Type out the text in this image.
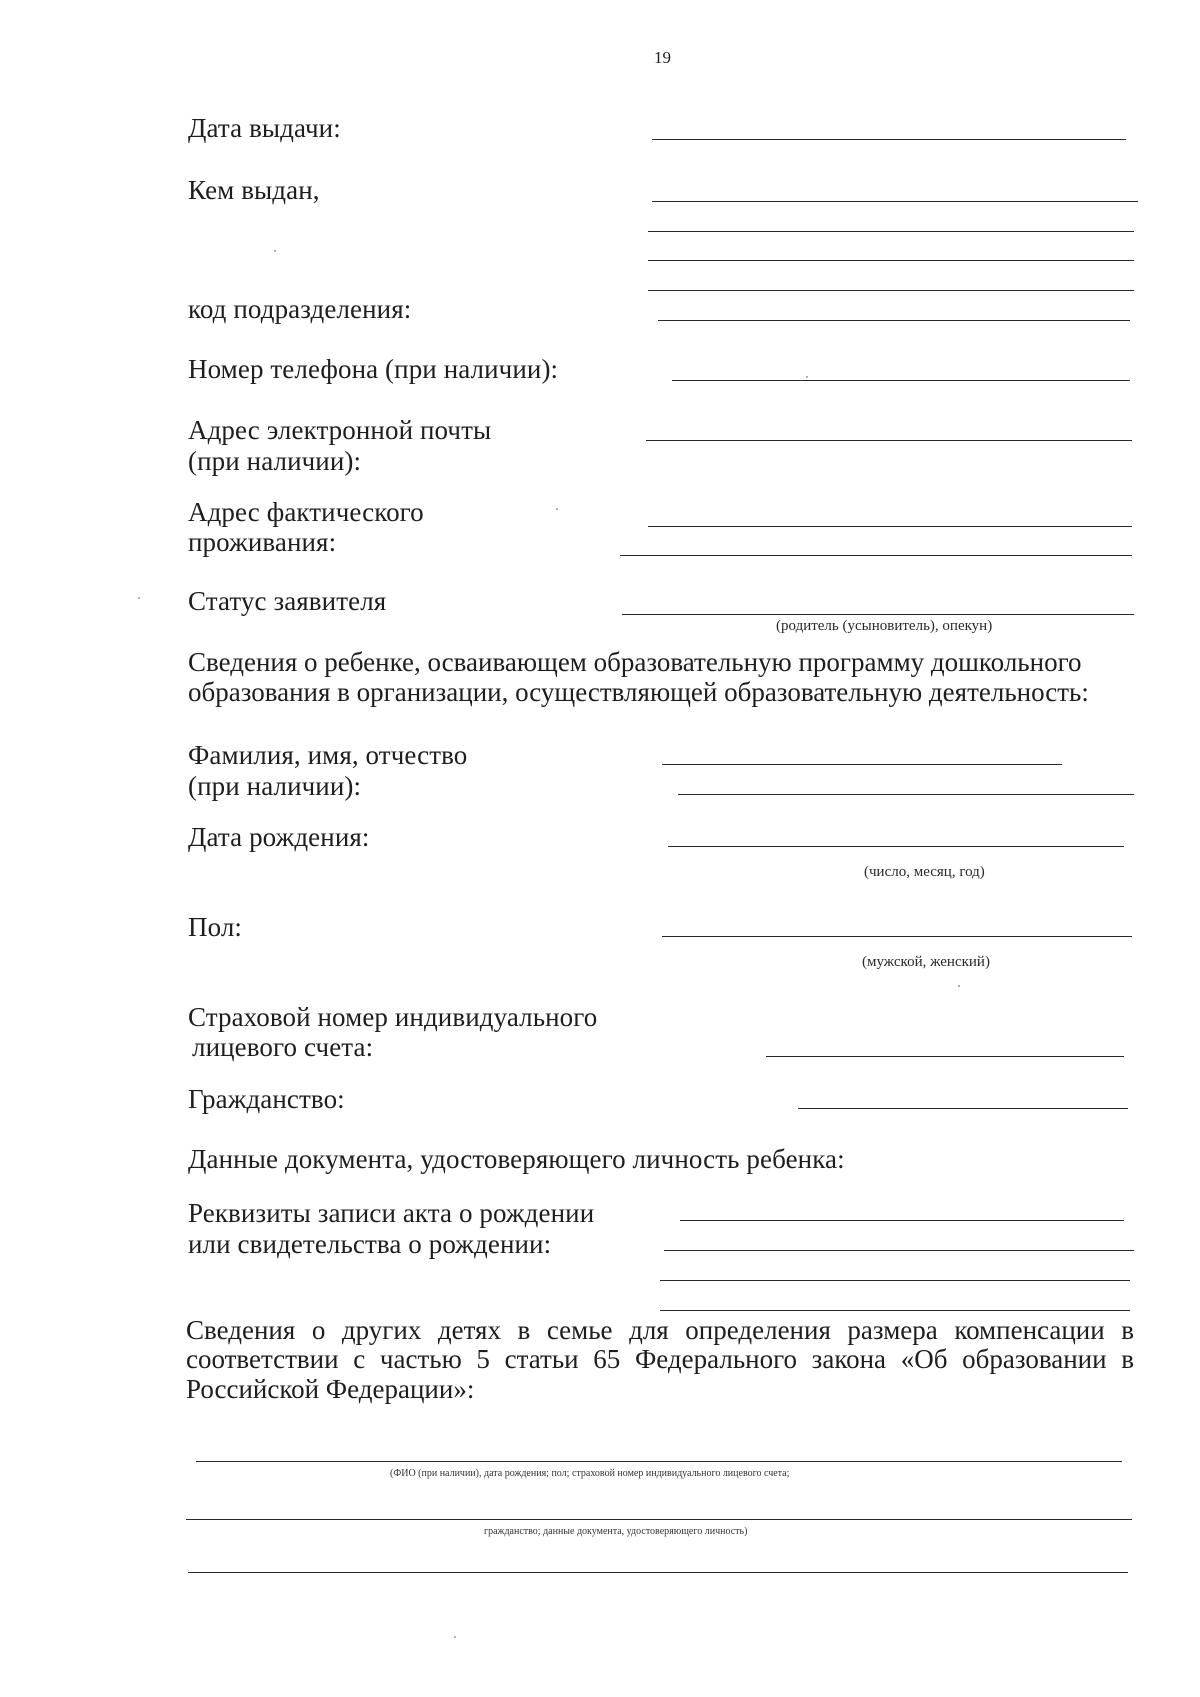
19
Дата выдачи:
Кем выдан,
код подразделения:
Номер телефона (при наличии):
Адрес электронной почты
(при наличии):
Адрес фактического
проживания:
Статус заявителя
(родитель (усыновитель), опекун)
Сведения о ребенке, осваивающем образовательную программу дошкольного
образования в организации, осуществляющей образовательную деятельность:
Фамилия, имя, отчество
(при наличии):
Дата рождения:
(число, месяц, год)
Пол:
(мужской, женский)
Страховой номер индивидуального
лицевого счета:
Гражданство:
Данные документа, удостоверяющего личность ребенка:
Реквизиты записи акта о рождении
или свидетельства о рождении:
Сведения о других детях в семье для определения размера компенсации в
соответствии с частью 5 статьи 65 Федерального закона «Об образовании в
Российской Федерации»:
(ФИО (при наличии), дата рождения; пол; страховой номер индивидуального лицевого счета;
гражданство; данные документа, удостоверяющего личность)
